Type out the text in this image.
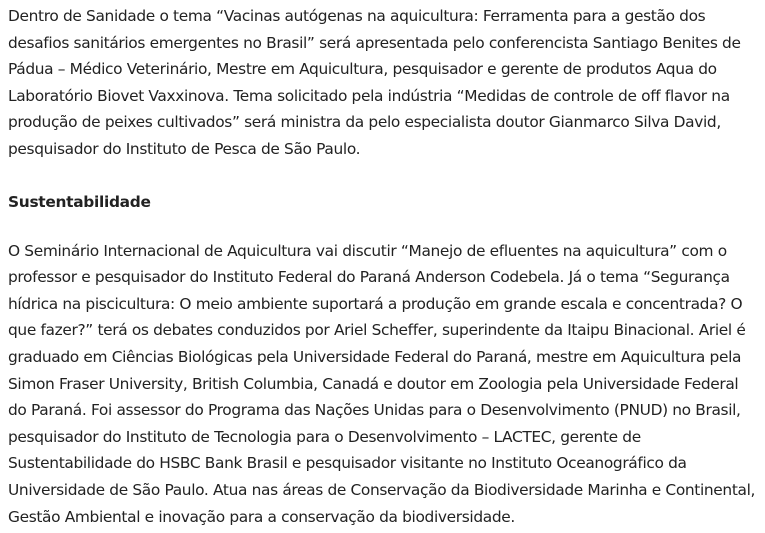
Dentro de Sanidade o tema “Vacinas autógenas na aquicultura: Ferramenta para a gestão dos desafios sanitários emergentes no Brasil” será apresentada pelo conferencista Santiago Benites de Pádua – Médico Veterinário, Mestre em Aquicultura, pesquisador e gerente de produtos Aqua do Laboratório Biovet Vaxxinova. Tema solicitado pela indústria “Medidas de controle de off flavor na produção de peixes cultivados” será ministra da pelo especialista doutor Gianmarco Silva David, pesquisador do Instituto de Pesca de São Paulo.

Sustentabilidade

O Seminário Internacional de Aquicultura vai discutir “Manejo de efluentes na aquicultura” com o professor e pesquisador do Instituto Federal do Paraná Anderson Codebela. Já o tema “Segurança hídrica na piscicultura: O meio ambiente suportará a produção em grande escala e concentrada? O que fazer?” terá os debates conduzidos por Ariel Scheffer, superindente da Itaipu Binacional. Ariel é graduado em Ciências Biológicas pela Universidade Federal do Paraná, mestre em Aquicultura pela Simon Fraser University, British Columbia, Canadá e doutor em Zoologia pela Universidade Federal do Paraná. Foi assessor do Programa das Nações Unidas para o Desenvolvimento (PNUD) no Brasil, pesquisador do Instituto de Tecnologia para o Desenvolvimento – LACTEC, gerente de Sustentabilidade do HSBC Bank Brasil e pesquisador visitante no Instituto Oceanográfico da Universidade de São Paulo. Atua nas áreas de Conservação da Biodiversidade Marinha e Continental, Gestão Ambiental e inovação para a conservação da biodiversidade.
